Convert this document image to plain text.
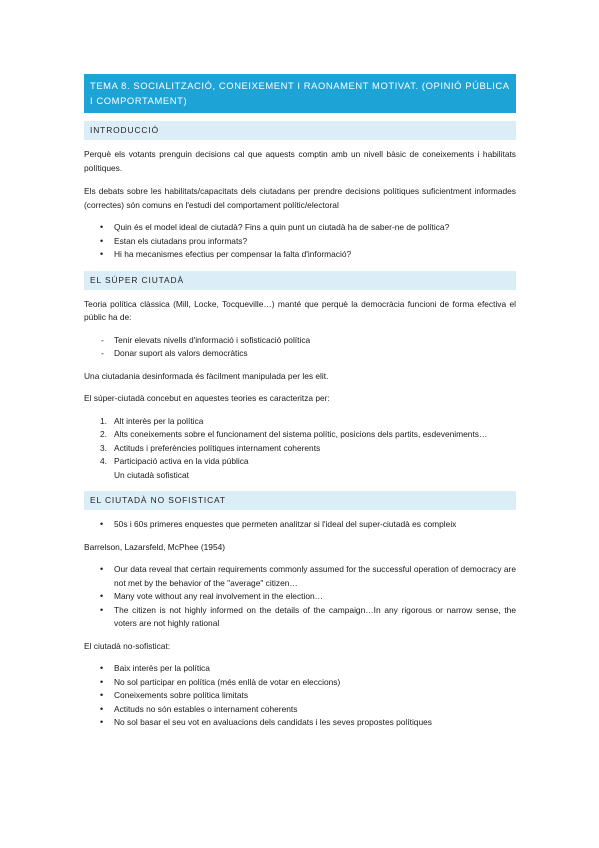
TEMA 8. SOCIALITZACIÓ, CONEIXEMENT I RAONAMENT MOTIVAT. (OPINIÓ PÚBLICA I COMPORTAMENT)
INTRODUCCIÓ

Perquè els votants prenguin decisions cal que aquests comptin amb un nivell bàsic de coneixements i habilitats polítiques.

Els debats sobre les habilitats/capacitats dels ciutadans per prendre decisions polítiques suficientment informades (correctes) són comuns en l'estudi del comportament polític/electoral

• Quin és el model ideal de ciutadà? Fins a quin punt un ciutadà ha de saber-ne de política?
• Estan els ciutadans prou informats?
• Hi ha mecanismes efectius per compensar la falta d'informació?
EL SÚPER CIUTADÀ

Teoria política clàssica (Mill, Locke, Tocqueville…) manté que perquè la democràcia funcioni de forma efectiva el públic ha de:

- Tenir elevats nivells d'informació i sofisticació política
- Donar suport als valors democràtics

Una ciutadania desinformada és fàcilment manipulada per les elit.

El súper-ciutadà concebut en aquestes teories es caracteritza per:

1. Alt interès per la política
2. Alts coneixements sobre el funcionament del sistema polític, posicions dels partits, esdeveniments…
3. Actituds i preferències polítiques internament coherents
4. Participació activa en la vida pública
Un ciutadà sofisticat
EL CIUTADÀ NO SOFISTICAT
• 50s i 60s primeres enquestes que permeten analitzar si l'ideal del super-ciutadà es compleix

Barrelson, Lazarsfeld, McPhee (1954)

• Our data reveal that certain requirements commonly assumed for the successful operation of democracy are not met by the behavior of the "average" citizen…
• Many vote without any real involvement in the election…
• The citizen is not highly informed on the details of the campaign…In any rigorous or narrow sense, the voters are not highly rational

El ciutadà no-sofisticat:

• Baix interès per la política
• No sol participar en política (més enllà de votar en eleccions)
• Coneixements sobre política limitats
• Actituds no són estables o internament coherents
• No sol basar el seu vot en avaluacions dels candidats i les seves propostes polítiques
